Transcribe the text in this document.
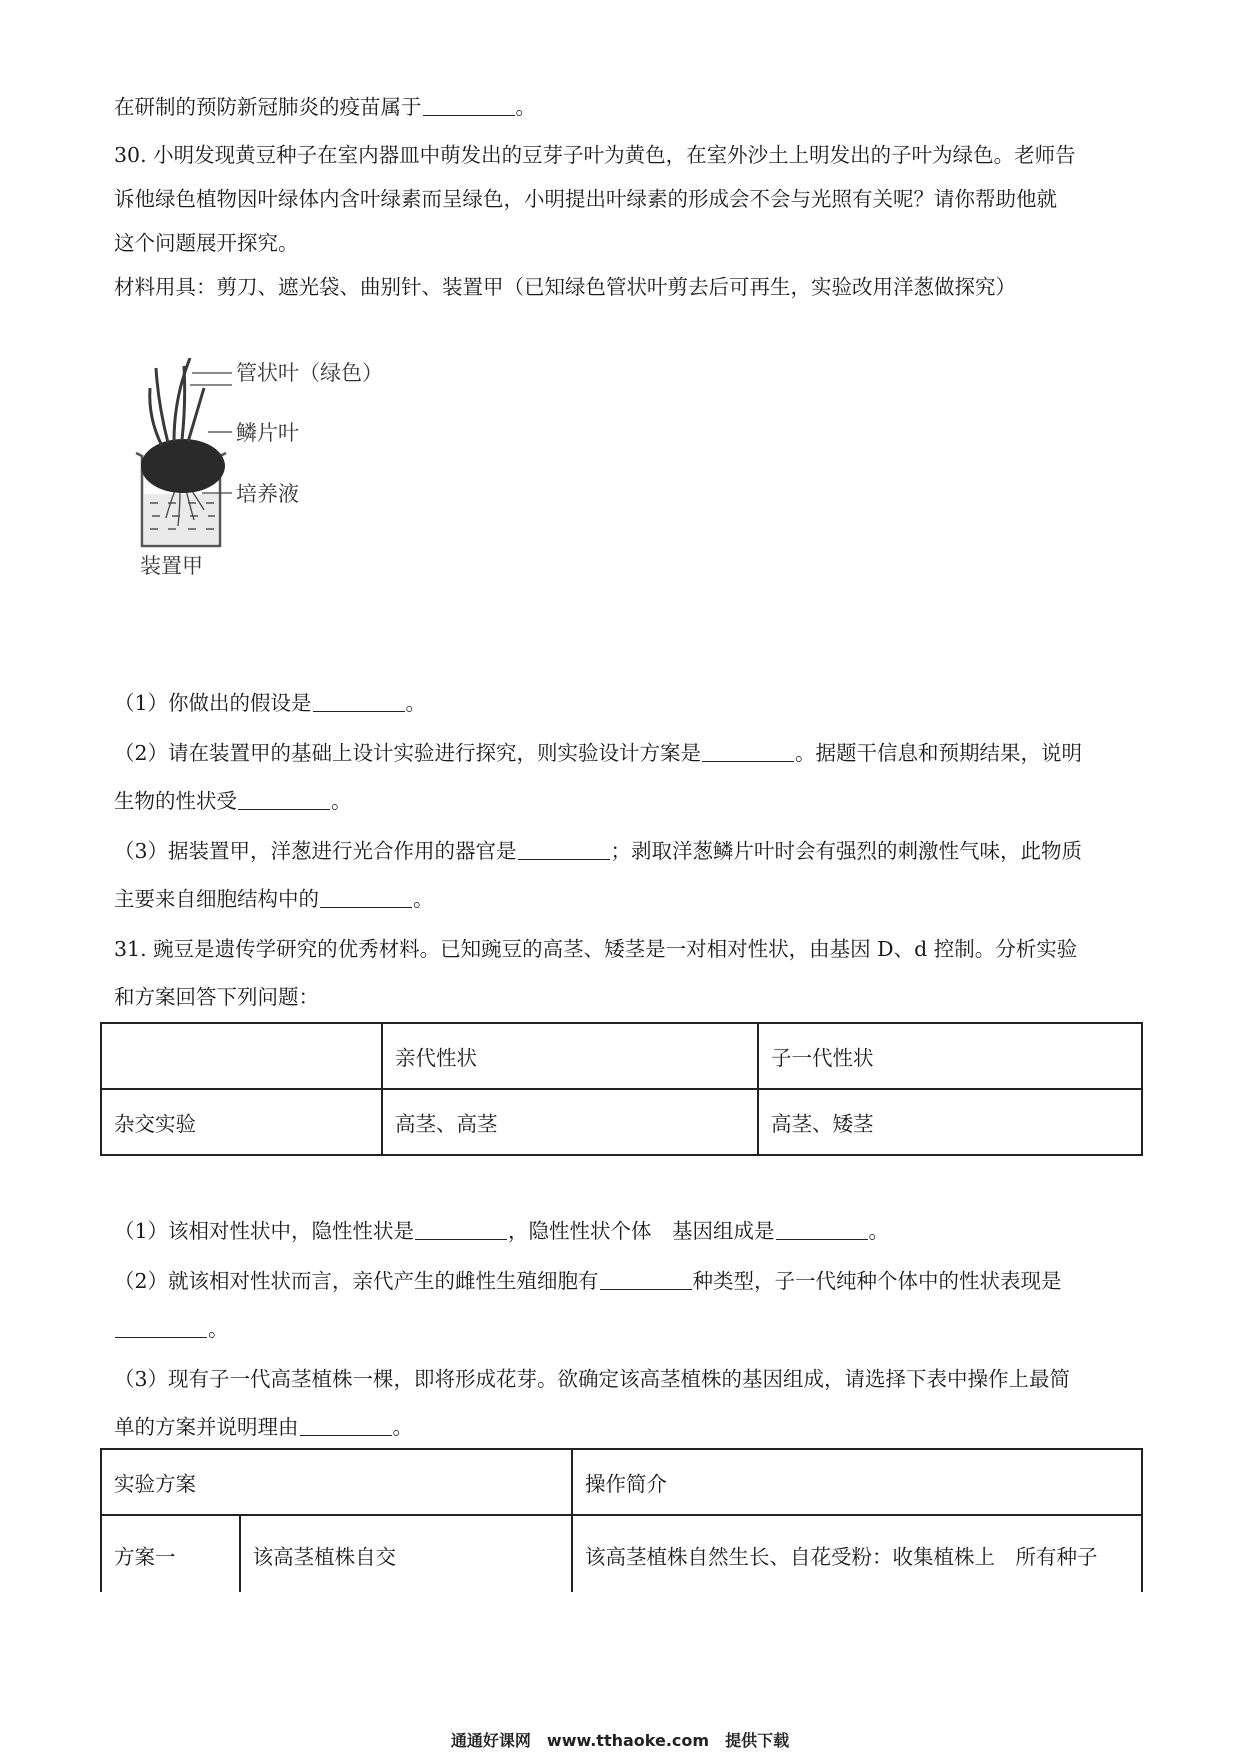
在研制的预防新冠肺炎的疫苗属于	。
30. 小明发现黄豆种子在室内器皿中萌发出的豆芽子叶为黄色，在室外沙土上明发出的子叶为绿色。老师告
诉他绿色植物因叶绿体内含叶绿素而呈绿色，小明提出叶绿素的形成会不会与光照有关呢？请你帮助他就
这个问题展开探究。
材料用具：剪刀、遮光袋、曲别针、装置甲（已知绿色管状叶剪去后可再生，实验改用洋葱做探究）
管状叶（绿色）
鳞片叶
培养液
装置甲
（1）你做出的假设是	。
（2）请在装置甲的基础上设计实验进行探究，则实验设计方案是	。据题干信息和预期结果，说明
生物的性状受	。
（3）据装置甲，洋葱进行光合作用的器官是	；剥取洋葱鳞片叶时会有强烈的刺激性气味，此物质
主要来自细胞结构中的	。
31. 豌豆是遗传学研究的优秀材料。已知豌豆的高茎、矮茎是一对相对性状，由基因 D、d 控制。分析实验
和方案回答下列问题：
	亲代性状	子一代性状
杂交实验	高茎、高茎	高茎、矮茎
（1）该相对性状中，隐性性状是	，隐性性状个体　基因组成是	。
（2）就该相对性状而言，亲代产生的雌性生殖细胞有	种类型，子一代纯种个体中的性状表现是
。
（3）现有子一代高茎植株一棵，即将形成花芽。欲确定该高茎植株的基因组成，请选择下表中操作上最简
单的方案并说明理由	。
实验方案		操作简介
方案一	该高茎植株自交	该高茎植株自然生长、自花受粉：收集植株上　所有种子
通通好课网　www.tthaoke.com　提供下载
